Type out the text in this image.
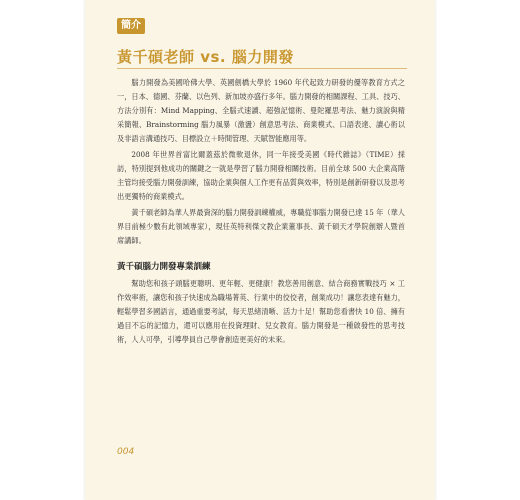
簡介
黃千碩老師 vs. 腦力開發

腦力開發為美國哈佛大學、英國劍橋大學於 1960 年代起致力研發的優等教育方式之一，日本、德國、芬蘭、以色列、新加坡亦盛行多年。腦力開發的相關課程、工具、技巧、方法分別有：Mind Mapping、全腦式速讀、超強記憶術、曼陀羅思考法、魅力演說與精采簡報、Brainstorming 腦力風暴（激盪）創意思考法、商業模式、口語表達、讀心術以及非語言溝通技巧、目標設立＋時間管理、天賦智能應用等。

2008 年世界首富比爾蓋茲於微軟退休，同一年接受美國《時代雜誌》（TIME）採訪，特別提到他成功的關鍵之一就是學習了腦力開發相關技術。目前全球 500 大企業高階主管均接受腦力開發訓練，協助企業與個人工作更有品質與效率，特別是創新研發以及思考出更獨特的商業模式。

黃千碩老師為華人界最資深的腦力開發訓練權威，專職從事腦力開發已達 15 年（華人界目前極少數有此領域專家），現任英特利傑文教企業董事長、黃千碩天才學院創辦人暨首席講師。

黃千碩腦力開發專業訓練

幫助您和孩子頭腦更聰明、更年輕、更健康！教您善用創意、結合商務實戰技巧 × 工作效率術，讓您和孩子快速成為職場菁英、行業中的佼佼者，創業成功！讓您表達有魅力，輕鬆學習多國語言，通過重要考試，每天思緒清晰、活力十足！幫助您看書快 10 倍、擁有過目不忘的記憶力，還可以應用在投資理財、兒女教育。腦力開發是一種啟發性的思考技術，人人可學，引導學員自己學會創造更美好的未來。

004
